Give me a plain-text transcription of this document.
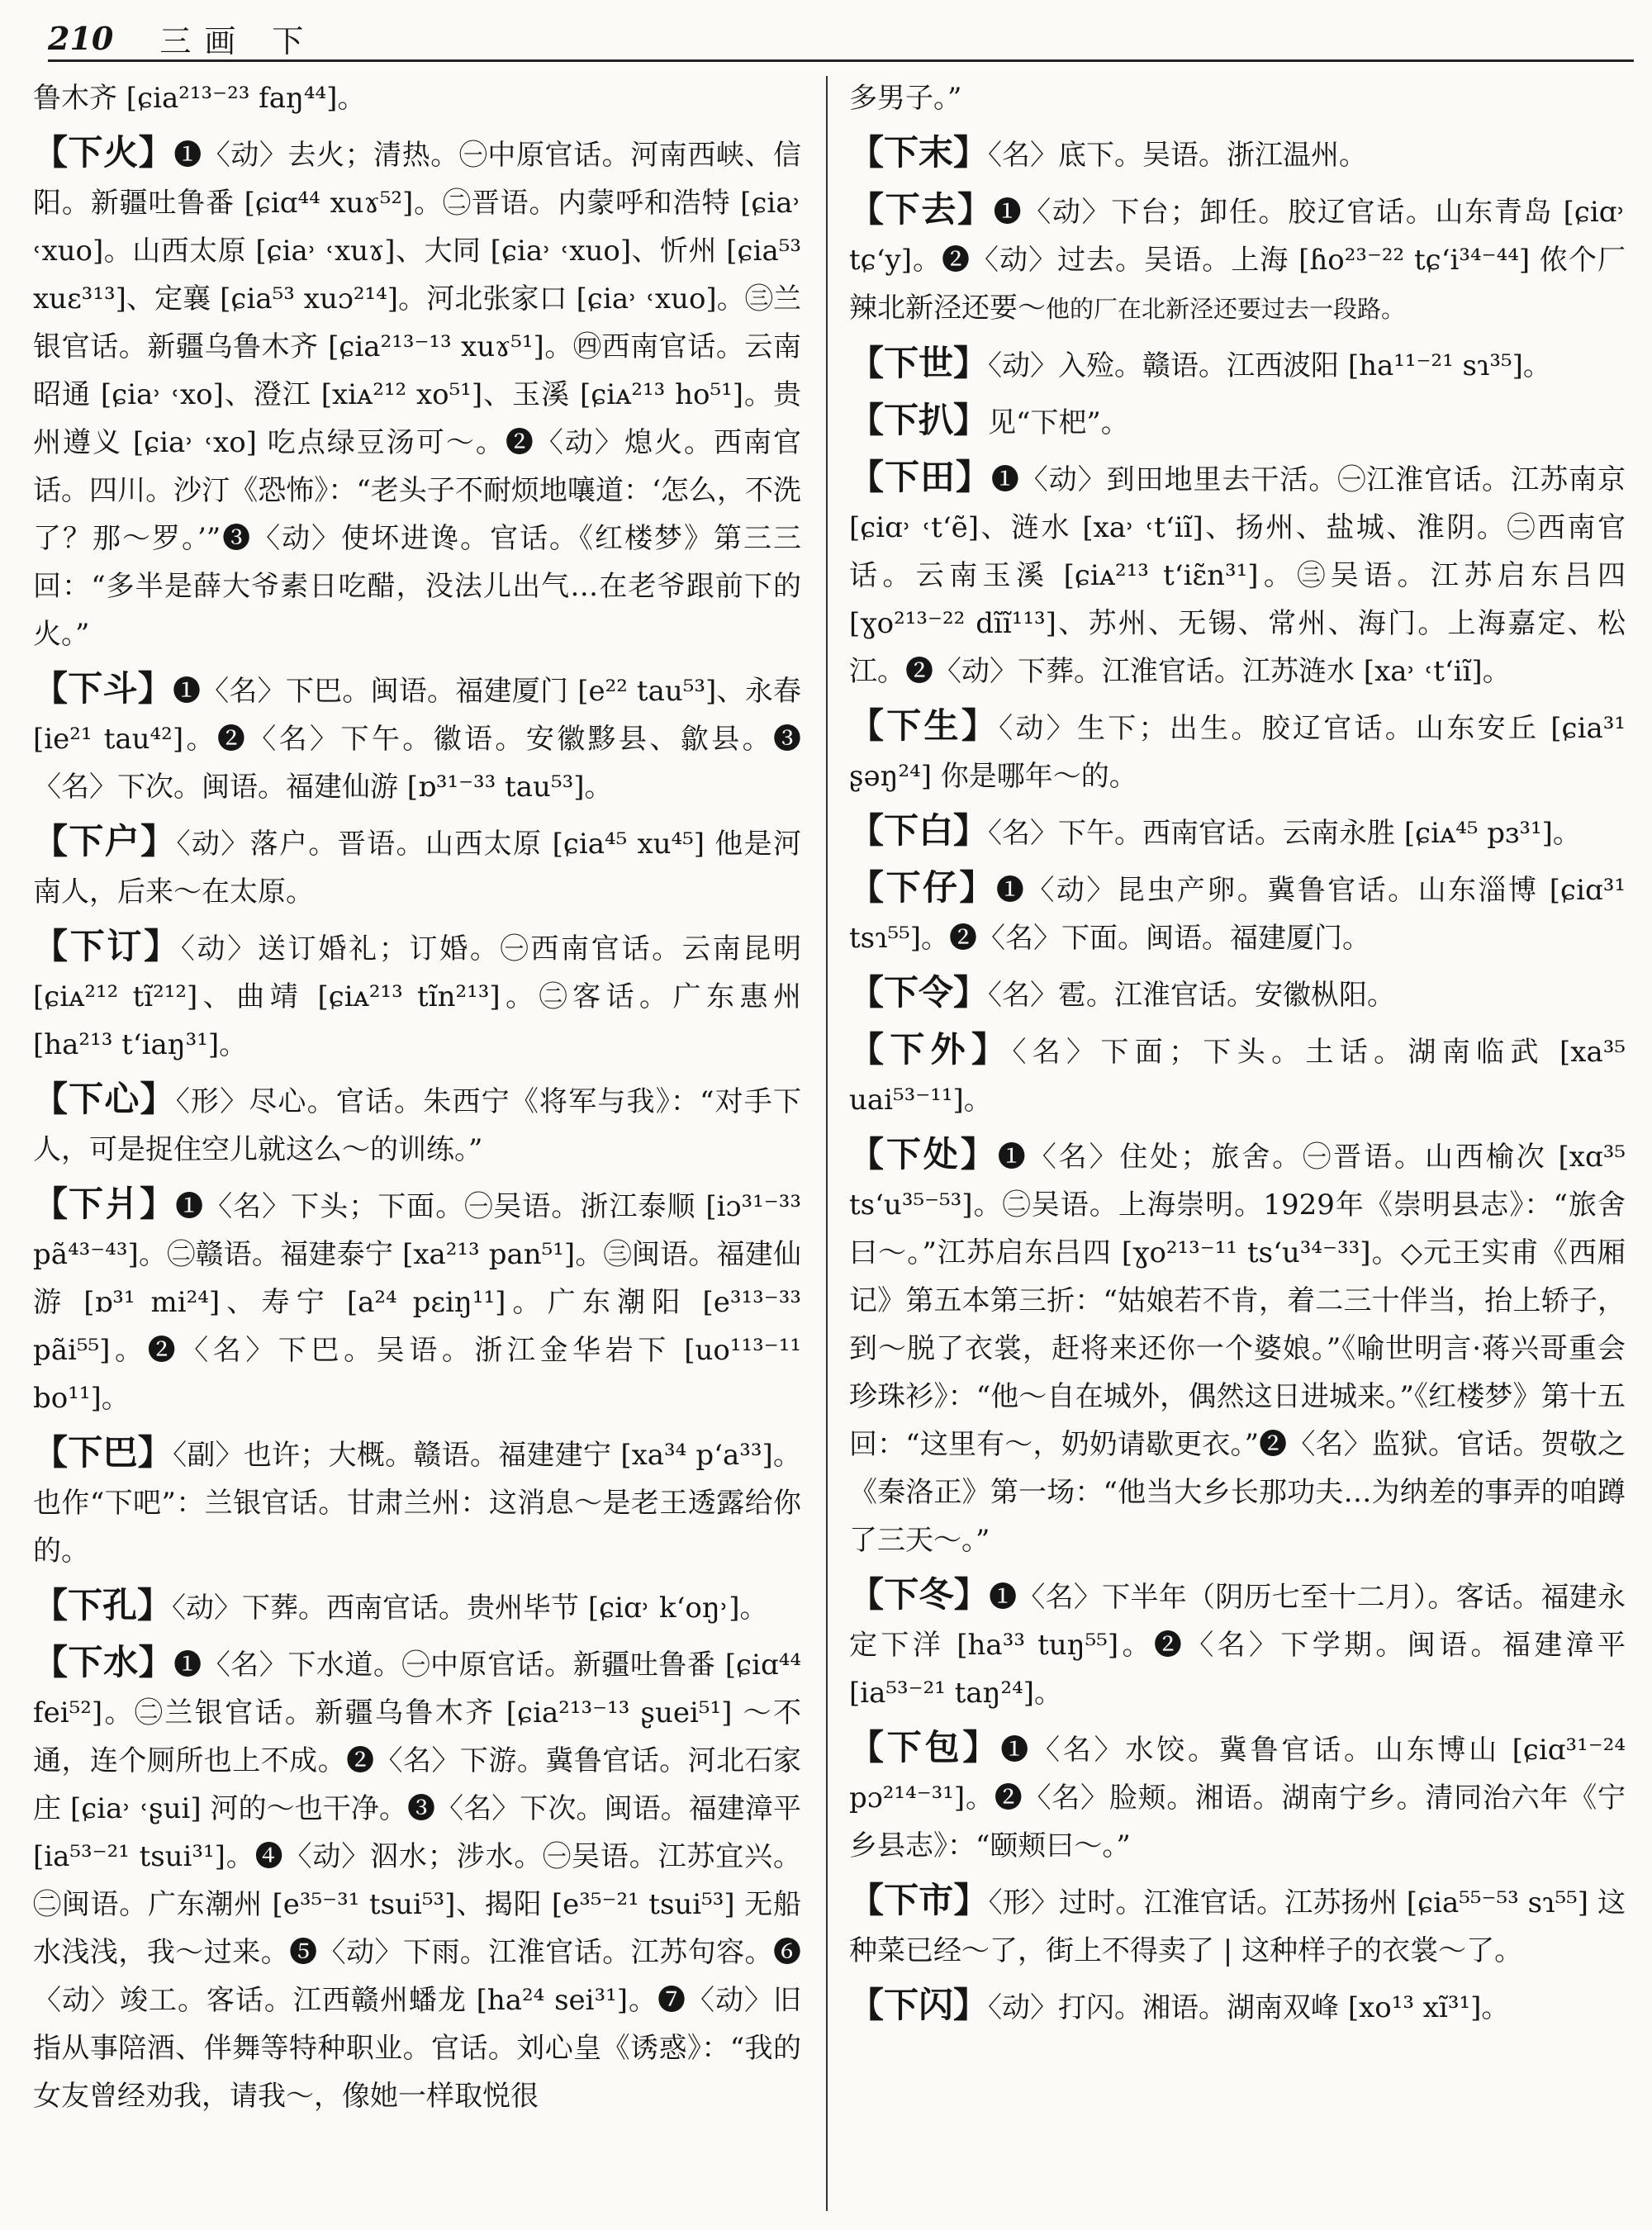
210 三画 下
鲁木齐 [ɕia²¹³⁻²³ faŋ⁴⁴]。
【下火】❶〈动〉去火；清热。㊀中原官话。河南西峡、信阳。新疆吐鲁番 [ɕiɑ⁴⁴ xuɤ⁵²]。㊁晋语。内蒙呼和浩特 [ɕia˒ ˓xuo]。山西太原 [ɕia˒ ˓xuɤ]、大同 [ɕia˒ ˓xuo]、忻州 [ɕia⁵³ xuɛ³¹³]、定襄 [ɕia⁵³ xuɔ²¹⁴]。河北张家口 [ɕia˒ ˓xuo]。㊂兰银官话。新疆乌鲁木齐 [ɕia²¹³⁻¹³ xuɤ⁵¹]。㊃西南官话。云南昭通 [ɕia˒ ˓xo]、澄江 [xiᴀ²¹² xo⁵¹]、玉溪 [ɕiᴀ²¹³ ho⁵¹]。贵州遵义 [ɕia˒ ˓xo] 吃点绿豆汤可～。❷〈动〉熄火。西南官话。四川。沙汀《恐怖》：“老头子不耐烦地嚷道：‘怎么，不洗了？那～罗。’”❸〈动〉使坏进谗。官话。《红楼梦》第三三回：“多半是薛大爷素日吃醋，没法儿出气…在老爷跟前下的火。”
【下斗】❶〈名〉下巴。闽语。福建厦门 [e²² tau⁵³]、永春 [ie²¹ tau⁴²]。❷〈名〉下午。徽语。安徽黟县、歙县。❸〈名〉下次。闽语。福建仙游 [ɒ³¹⁻³³ tau⁵³]。
【下户】〈动〉落户。晋语。山西太原 [ɕia⁴⁵ xu⁴⁵] 他是河南人，后来～在太原。
【下订】〈动〉送订婚礼；订婚。㊀西南官话。云南昆明 [ɕiᴀ²¹² tĩ²¹²]、曲靖 [ɕiᴀ²¹³ tĩn²¹³]。㊁客话。广东惠州 [ha²¹³ tʻiaŋ³¹]。
【下心】〈形〉尽心。官话。朱西宁《将军与我》：“对手下人，可是捉住空儿就这么～的训练。”
【下爿】❶〈名〉下头；下面。㊀吴语。浙江泰顺 [iɔ³¹⁻³³ pã⁴³⁻⁴³]。㊁赣语。福建泰宁 [xa²¹³ pan⁵¹]。㊂闽语。福建仙游 [ɒ³¹ mi²⁴]、寿宁 [a²⁴ pɛiŋ¹¹]。广东潮阳 [e³¹³⁻³³ pãi⁵⁵]。❷〈名〉下巴。吴语。浙江金华岩下 [uo¹¹³⁻¹¹ bo¹¹]。
【下巴】〈副〉也许；大概。赣语。福建建宁 [xa³⁴ pʻa³³]。也作“下吧”：兰银官话。甘肃兰州：这消息～是老王透露给你的。
【下孔】〈动〉下葬。西南官话。贵州毕节 [ɕiɑ˒ kʻoŋ˒]。
【下水】❶〈名〉下水道。㊀中原官话。新疆吐鲁番 [ɕiɑ⁴⁴ fei⁵²]。㊁兰银官话。新疆乌鲁木齐 [ɕia²¹³⁻¹³ ʂuei⁵¹] ～不通，连个厕所也上不成。❷〈名〉下游。冀鲁官话。河北石家庄 [ɕia˒ ˓ʂui] 河的～也干净。❸〈名〉下次。闽语。福建漳平 [ia⁵³⁻²¹ tsui³¹]。❹〈动〉泅水；涉水。㊀吴语。江苏宜兴。㊁闽语。广东潮州 [e³⁵⁻³¹ tsui⁵³]、揭阳 [e³⁵⁻²¹ tsui⁵³] 无船水浅浅，我～过来。❺〈动〉下雨。江淮官话。江苏句容。❻〈动〉竣工。客话。江西赣州蟠龙 [ha²⁴ sei³¹]。❼〈动〉旧指从事陪酒、伴舞等特种职业。官话。刘心皇《诱惑》：“我的女友曾经劝我，请我～，像她一样取悦很
多男子。”
【下末】〈名〉底下。吴语。浙江温州。
【下去】❶〈动〉下台；卸任。胶辽官话。山东青岛 [ɕiɑ˒ tɕʻy]。❷〈动〉过去。吴语。上海 [ɦo²³⁻²² tɕʻi³⁴⁻⁴⁴] 侬个厂辣北新泾还要～他的厂在北新泾还要过去一段路。
【下世】〈动〉入殓。赣语。江西波阳 [ha¹¹⁻²¹ sɿ³⁵]。
【下扒】见“下杷”。
【下田】❶〈动〉到田地里去干活。㊀江淮官话。江苏南京 [ɕiɑ˒ ˓tʻẽ]、涟水 [xa˒ ˓tʻiĩ]、扬州、盐城、淮阴。㊁西南官话。云南玉溪 [ɕiᴀ²¹³ tʻiɛ̃n³¹]。㊂吴语。江苏启东吕四 [ɣo²¹³⁻²² dĩĩ¹¹³]、苏州、无锡、常州、海门。上海嘉定、松江。❷〈动〉下葬。江淮官话。江苏涟水 [xa˒ ˓tʻiĩ]。
【下生】〈动〉生下；出生。胶辽官话。山东安丘 [ɕia³¹ ʂəŋ²⁴] 你是哪年～的。
【下白】〈名〉下午。西南官话。云南永胜 [ɕiᴀ⁴⁵ pɜ³¹]。
【下仔】❶〈动〉昆虫产卵。冀鲁官话。山东淄博 [ɕiɑ³¹ tsɿ⁵⁵]。❷〈名〉下面。闽语。福建厦门。
【下令】〈名〉雹。江淮官话。安徽枞阳。
【下外】〈名〉下面；下头。土话。湖南临武 [xa³⁵ uai⁵³⁻¹¹]。
【下处】❶〈名〉住处；旅舍。㊀晋语。山西榆次 [xɑ³⁵ tsʻu³⁵⁻⁵³]。㊁吴语。上海崇明。1929年《崇明县志》：“旅舍曰～。”江苏启东吕四 [ɣo²¹³⁻¹¹ tsʻu³⁴⁻³³]。◇元王实甫《西厢记》第五本第三折：“姑娘若不肯，着二三十伴当，抬上轿子，到～脱了衣裳，赶将来还你一个婆娘。”《喻世明言·蒋兴哥重会珍珠衫》：“他～自在城外，偶然这日进城来。”《红楼梦》第十五回：“这里有～，奶奶请歇更衣。”❷〈名〉监狱。官话。贺敬之《秦洛正》第一场：“他当大乡长那功夫…为纳差的事弄的咱蹲了三天～。”
【下冬】❶〈名〉下半年（阴历七至十二月）。客话。福建永定下洋 [ha³³ tuŋ⁵⁵]。❷〈名〉下学期。闽语。福建漳平 [ia⁵³⁻²¹ taŋ²⁴]。
【下包】❶〈名〉水饺。冀鲁官话。山东博山 [ɕiɑ³¹⁻²⁴ pɔ²¹⁴⁻³¹]。❷〈名〉脸颊。湘语。湖南宁乡。清同治六年《宁乡县志》：“颐颊曰～。”
【下市】〈形〉过时。江淮官话。江苏扬州 [ɕia⁵⁵⁻⁵³ sɿ⁵⁵] 这种菜已经～了，街上不得卖了 | 这种样子的衣裳～了。
【下闪】〈动〉打闪。湘语。湖南双峰 [xo¹³ xĩ³¹]。
